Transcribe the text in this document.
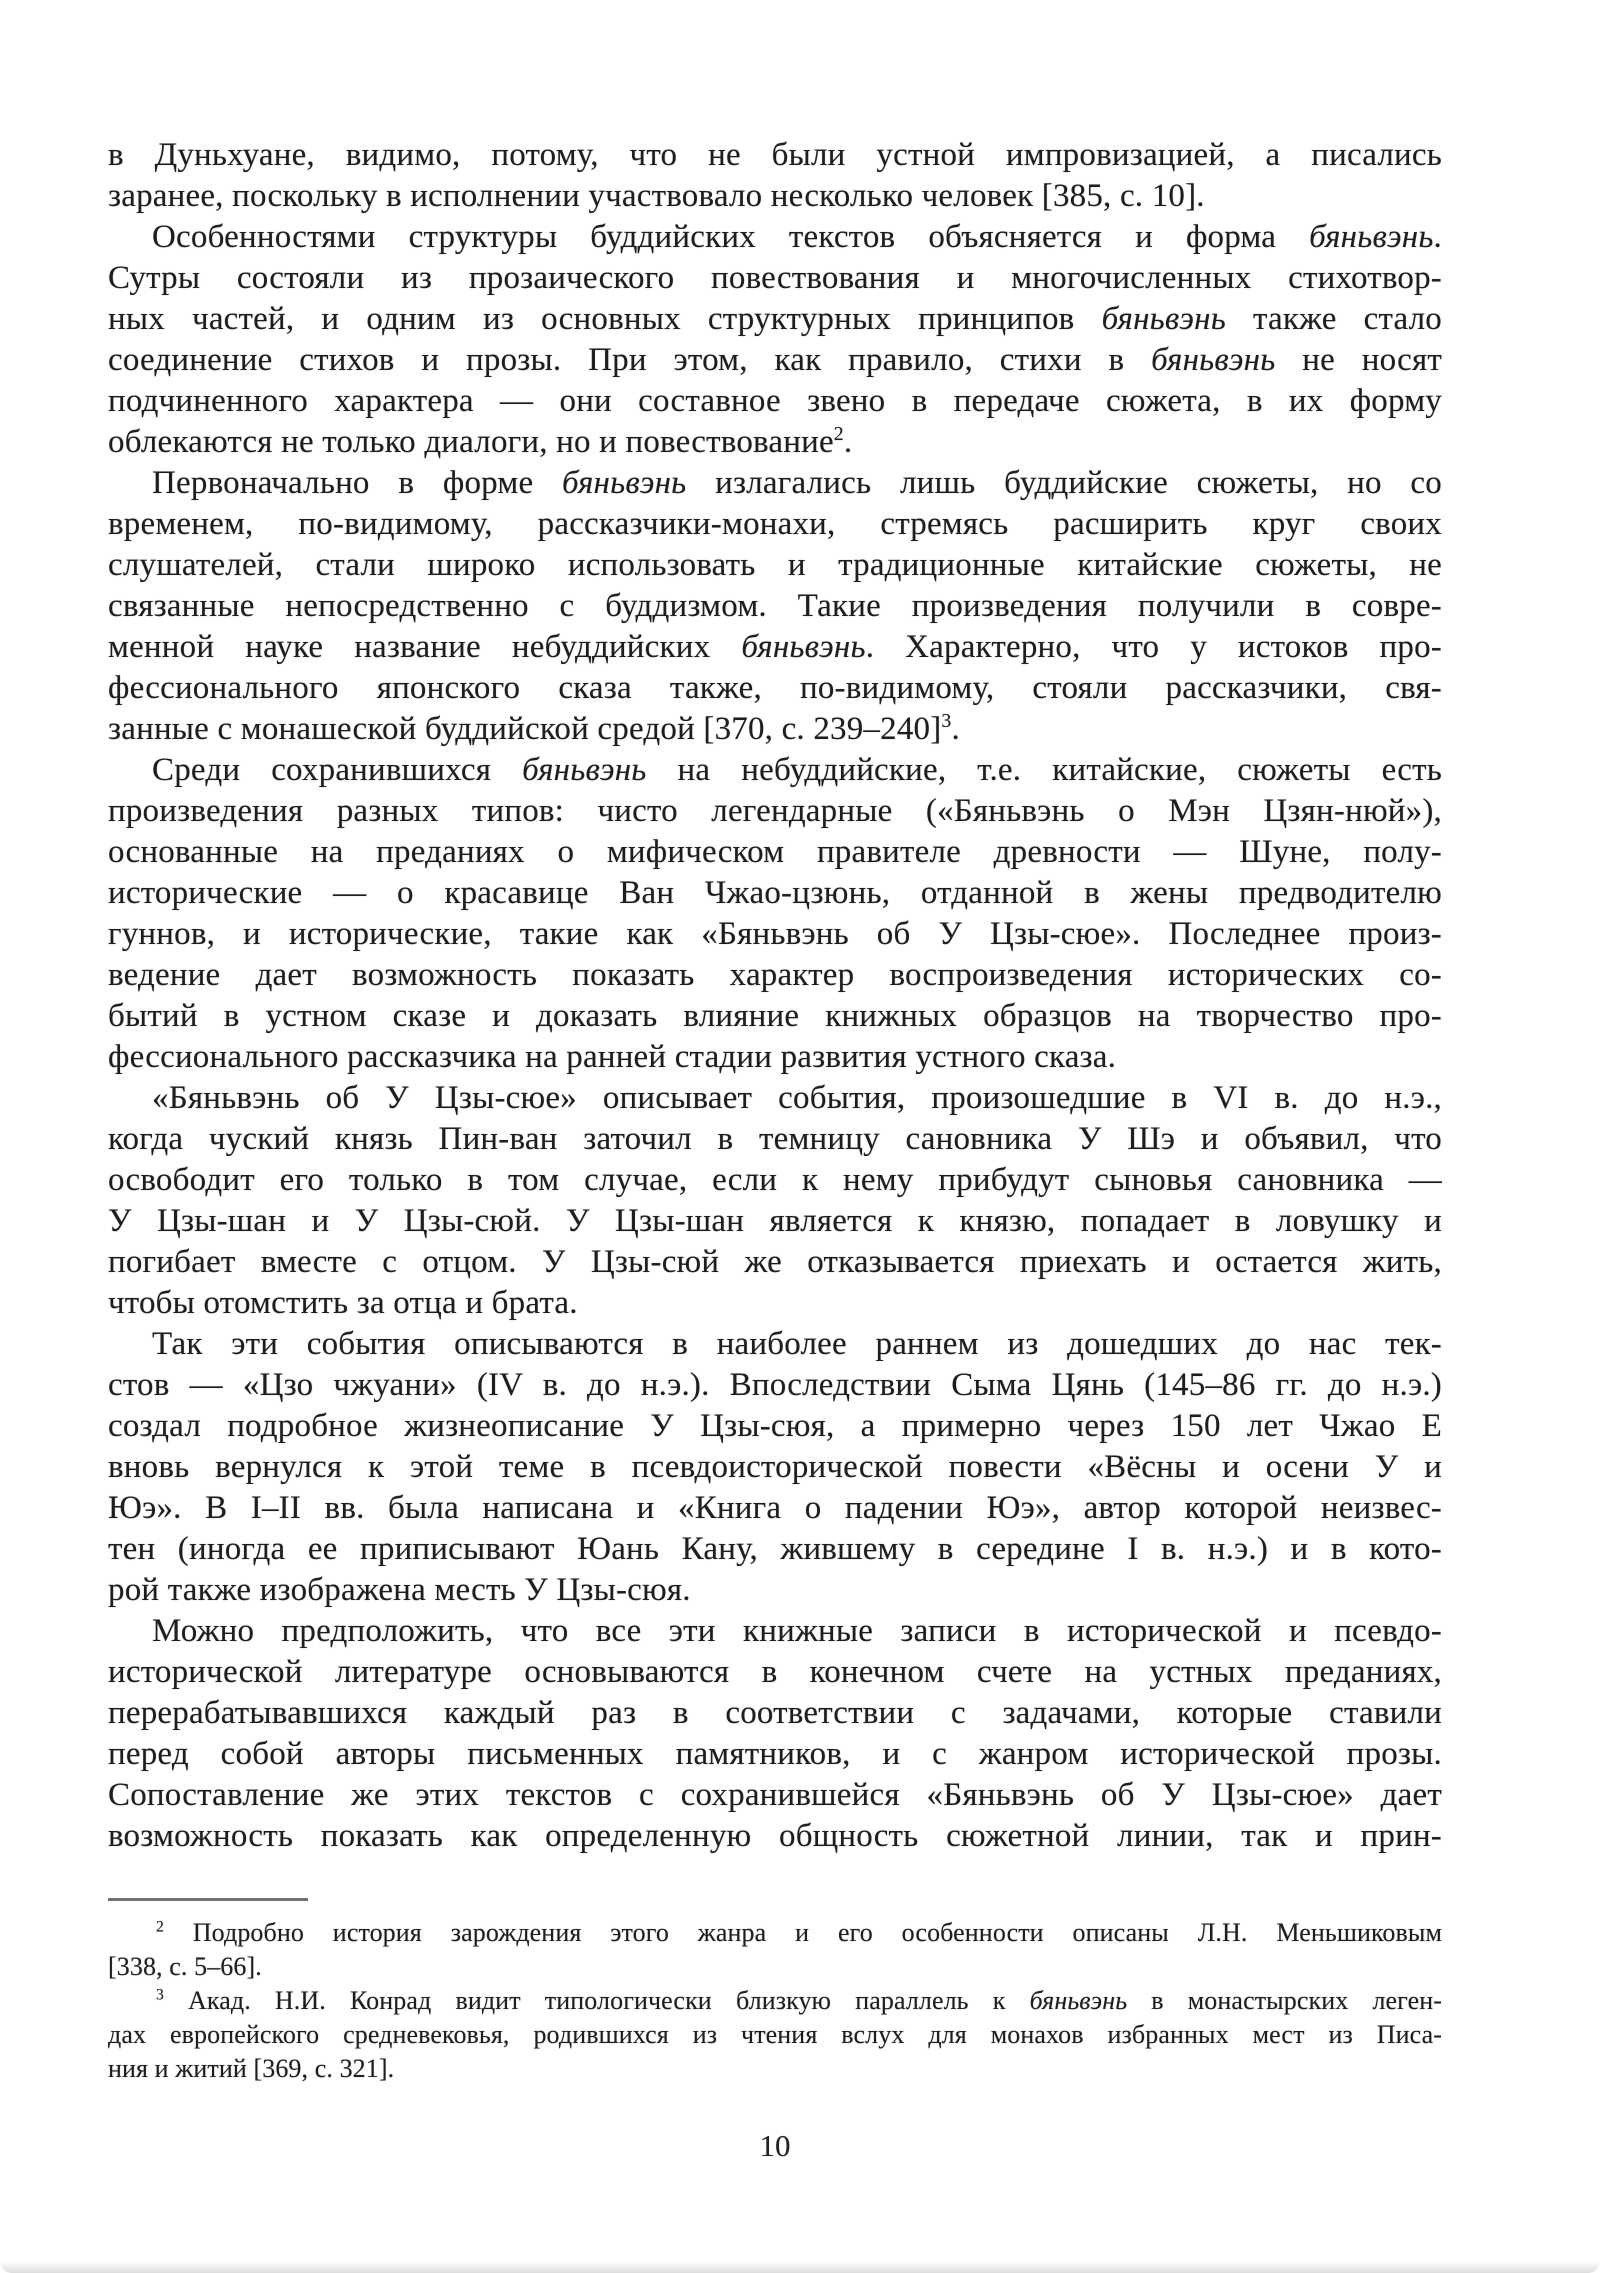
в Дуньхуане, видимо, потому, что не были устной импровизацией, а писались
заранее, поскольку в исполнении участвовало несколько человек [385, с. 10].
Особенностями структуры буддийских текстов объясняется и форма бяньвэнь.
Сутры состояли из прозаического повествования и многочисленных стихотвор-
ных частей, и одним из основных структурных принципов бяньвэнь также стало
соединение стихов и прозы. При этом, как правило, стихи в бяньвэнь не носят
подчиненного характера — они составное звено в передаче сюжета, в их форму
облекаются не только диалоги, но и повествование$^2$.
Первоначально в форме бяньвэнь излагались лишь буддийские сюжеты, но со
временем, по-видимому, рассказчики-монахи, стремясь расширить круг своих
слушателей, стали широко использовать и традиционные китайские сюжеты, не
связанные непосредственно с буддизмом. Такие произведения получили в совре-
менной науке название небуддийских бяньвэнь. Характерно, что у истоков про-
фессионального японского сказа также, по-видимому, стояли рассказчики, свя-
занные с монашеской буддийской средой [370, с. 239–240]$^3$.
Среди сохранившихся бяньвэнь на небуддийские, т.е. китайские, сюжеты есть
произведения разных типов: чисто легендарные («Бяньвэнь о Мэн Цзян-нюй»),
основанные на преданиях о мифическом правителе древности — Шуне, полу-
исторические — о красавице Ван Чжао-цзюнь, отданной в жены предводителю
гуннов, и исторические, такие как «Бяньвэнь об У Цзы-сюе». Последнее произ-
ведение дает возможность показать характер воспроизведения исторических со-
бытий в устном сказе и доказать влияние книжных образцов на творчество про-
фессионального рассказчика на ранней стадии развития устного сказа.
«Бяньвэнь об У Цзы-сюе» описывает события, произошедшие в VI в. до н.э.,
когда чуский князь Пин-ван заточил в темницу сановника У Шэ и объявил, что
освободит его только в том случае, если к нему прибудут сыновья сановника —
У Цзы-шан и У Цзы-сюй. У Цзы-шан является к князю, попадает в ловушку и
погибает вместе с отцом. У Цзы-сюй же отказывается приехать и остается жить,
чтобы отомстить за отца и брата.
Так эти события описываются в наиболее раннем из дошедших до нас тек-
стов — «Цзо чжуани» (IV в. до н.э.). Впоследствии Сыма Цянь (145–86 гг. до н.э.)
создал подробное жизнеописание У Цзы-сюя, а примерно через 150 лет Чжао Е
вновь вернулся к этой теме в псевдоисторической повести «Вёсны и осени У и
Юэ». В I–II вв. была написана и «Книга о падении Юэ», автор которой неизвес-
тен (иногда ее приписывают Юань Кану, жившему в середине I в. н.э.) и в кото-
рой также изображена месть У Цзы-сюя.
Можно предположить, что все эти книжные записи в исторической и псевдо-
исторической литературе основываются в конечном счете на устных преданиях,
перерабатывавшихся каждый раз в соответствии с задачами, которые ставили
перед собой авторы письменных памятников, и с жанром исторической прозы.
Сопоставление же этих текстов с сохранившейся «Бяньвэнь об У Цзы-сюе» дает
возможность показать как определенную общность сюжетной линии, так и прин-
$^2$ Подробно история зарождения этого жанра и его особенности описаны Л.Н. Меньшиковым
[338, с. 5–66].
$^3$ Акад. Н.И. Конрад видит типологически близкую параллель к бяньвэнь в монастырских леген-
дах европейского средневековья, родившихся из чтения вслух для монахов избранных мест из Писа-
ния и житий [369, с. 321].
10
